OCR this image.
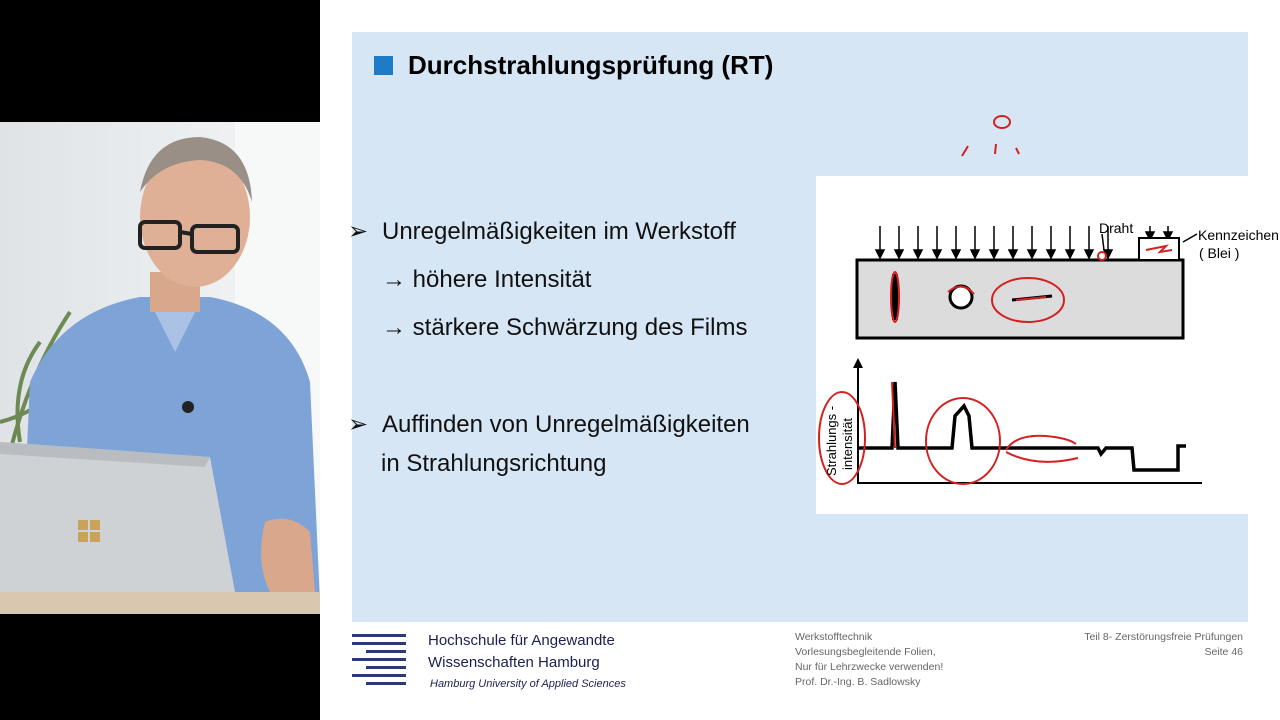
Durchstrahlungsprüfung (RT)
➢ Unregelmäßigkeiten im Werkstoff
→ höhere Intensität
→ stärkere Schwärzung des Films
➢ Auffinden von Unregelmäßigkeiten
in Strahlungsrichtung
Draht	Kennzeichen
( Blei )
Strahlungs - intensität
Hochschule für Angewandte
Wissenschaften Hamburg
Hamburg University of Applied Sciences
Werkstofftechnik
Vorlesungsbegleitende Folien,
Nur für Lehrzwecke verwenden!
Prof. Dr.-Ing. B. Sadlowsky
Teil 8- Zerstörungsfreie Prüfungen
Seite 46
